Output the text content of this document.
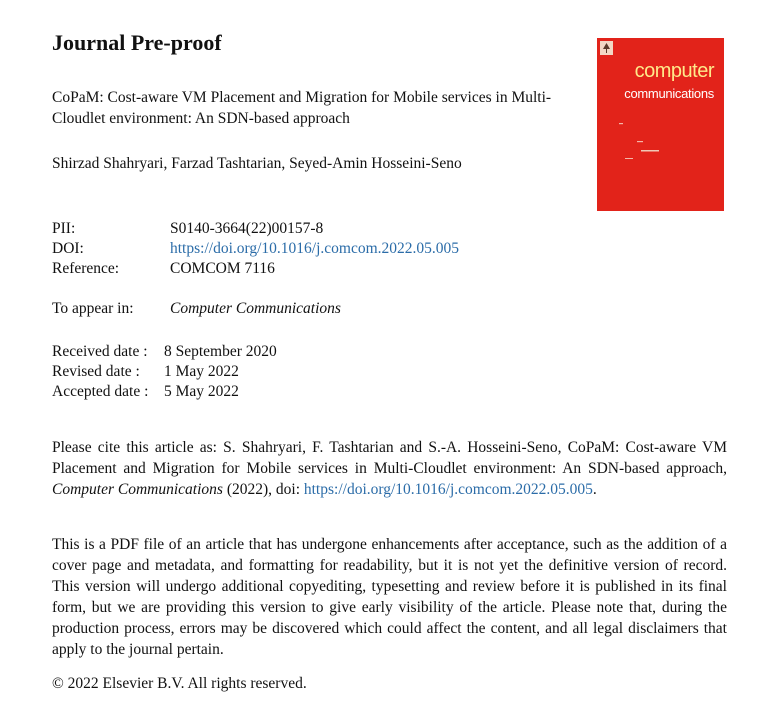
Journal Pre-proof
CoPaM: Cost-aware VM Placement and Migration for Mobile services in Multi-Cloudlet environment: An SDN-based approach
Shirzad Shahryari, Farzad Tashtarian, Seyed-Amin Hosseini-Seno
computer
communications
PII:	S0140-3664(22)00157-8
DOI:	https://doi.org/10.1016/j.comcom.2022.05.005
Reference:	COMCOM 7116
To appear in: Computer Communications
Received date : 8 September 2020
Revised date : 1 May 2022
Accepted date : 5 May 2022
Please cite this article as: S. Shahryari, F. Tashtarian and S.-A. Hosseini-Seno, CoPaM: Cost-aware VM Placement and Migration for Mobile services in Multi-Cloudlet environment: An SDN-based approach, Computer Communications (2022), doi: https://doi.org/10.1016/j.comcom.2022.05.005.
This is a PDF file of an article that has undergone enhancements after acceptance, such as the addition of a cover page and metadata, and formatting for readability, but it is not yet the definitive version of record. This version will undergo additional copyediting, typesetting and review before it is published in its final form, but we are providing this version to give early visibility of the article. Please note that, during the production process, errors may be discovered which could affect the content, and all legal disclaimers that apply to the journal pertain.
© 2022 Elsevier B.V. All rights reserved.
